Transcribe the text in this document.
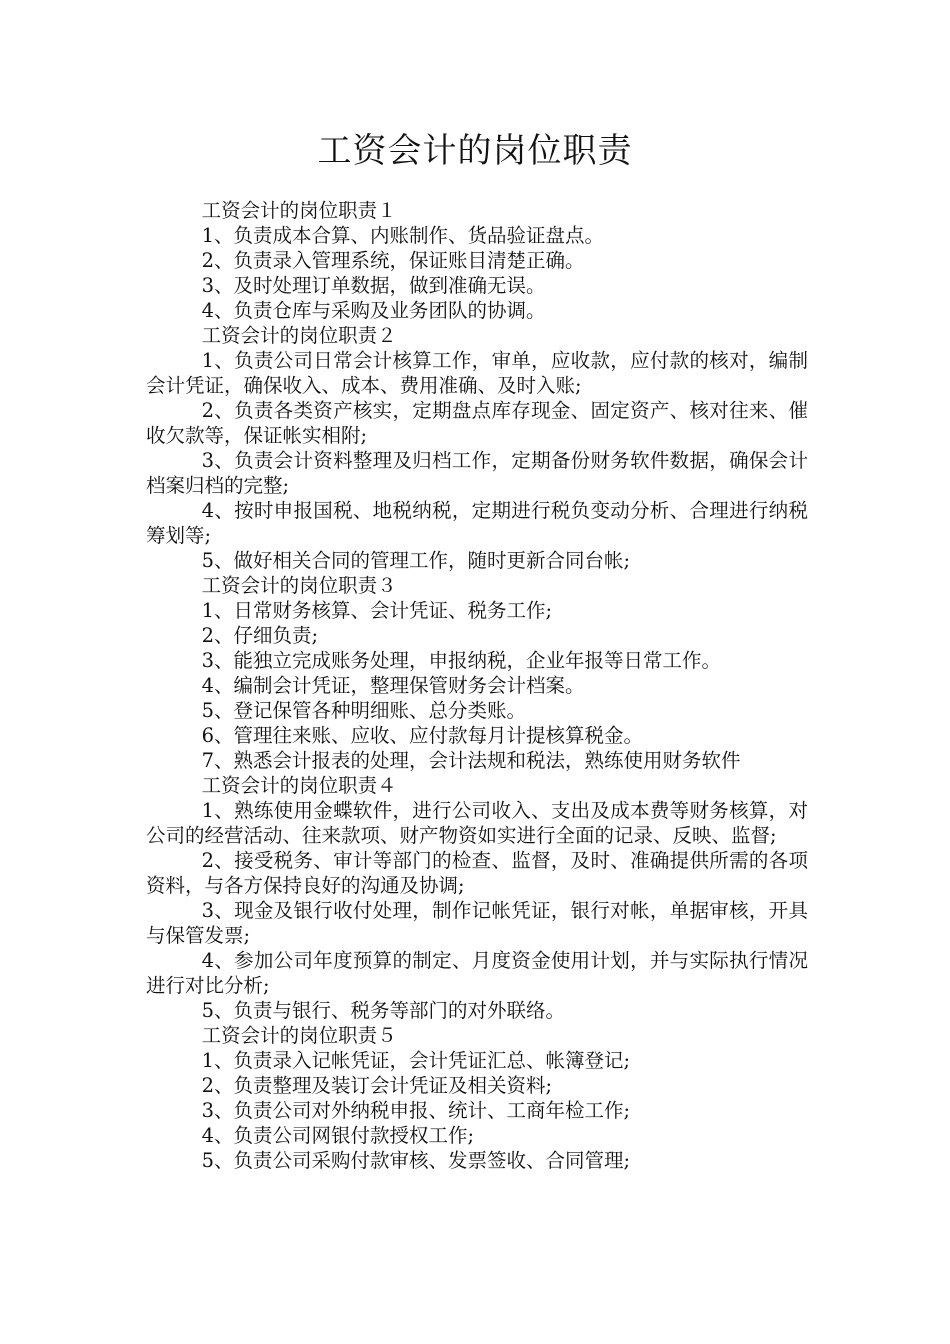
工资会计的岗位职责

工资会计的岗位职责１

1、负责成本合算、内账制作、货品验证盘点。

2、负责录入管理系统，保证账目清楚正确。

3、及时处理订单数据，做到准确无误。

4、负责仓库与采购及业务团队的协调。

工资会计的岗位职责２

1、负责公司日常会计核算工作，审单，应收款，应付款的核对，编制会计凭证，确保收入、成本、费用准确、及时入账;

2、负责各类资产核实，定期盘点库存现金、固定资产、核对往来、催收欠款等，保证帐实相附;

3、负责会计资料整理及归档工作，定期备份财务软件数据，确保会计档案归档的完整;

4、按时申报国税、地税纳税，定期进行税负变动分析、合理进行纳税筹划等;

5、做好相关合同的管理工作，随时更新合同台帐;

工资会计的岗位职责３

1、日常财务核算、会计凭证、税务工作;

2、仔细负责;

3、能独立完成账务处理，申报纳税，企业年报等日常工作。

4、编制会计凭证，整理保管财务会计档案。

5、登记保管各种明细账、总分类账。

6、管理往来账、应收、应付款每月计提核算税金。

7、熟悉会计报表的处理，会计法规和税法，熟练使用财务软件

工资会计的岗位职责４

1、熟练使用金蝶软件，进行公司收入、支出及成本费等财务核算，对公司的经营活动、往来款项、财产物资如实进行全面的记录、反映、监督;

2、接受税务、审计等部门的检查、监督，及时、准确提供所需的各项资料，与各方保持良好的沟通及协调;

3、现金及银行收付处理，制作记帐凭证，银行对帐，单据审核，开具与保管发票;

4、参加公司年度预算的制定、月度资金使用计划，并与实际执行情况进行对比分析;

5、负责与银行、税务等部门的对外联络。

工资会计的岗位职责５

1、负责录入记帐凭证，会计凭证汇总、帐簿登记;

2、负责整理及装订会计凭证及相关资料;

3、负责公司对外纳税申报、统计、工商年检工作;

4、负责公司网银付款授权工作;

5、负责公司采购付款审核、发票签收、合同管理;
